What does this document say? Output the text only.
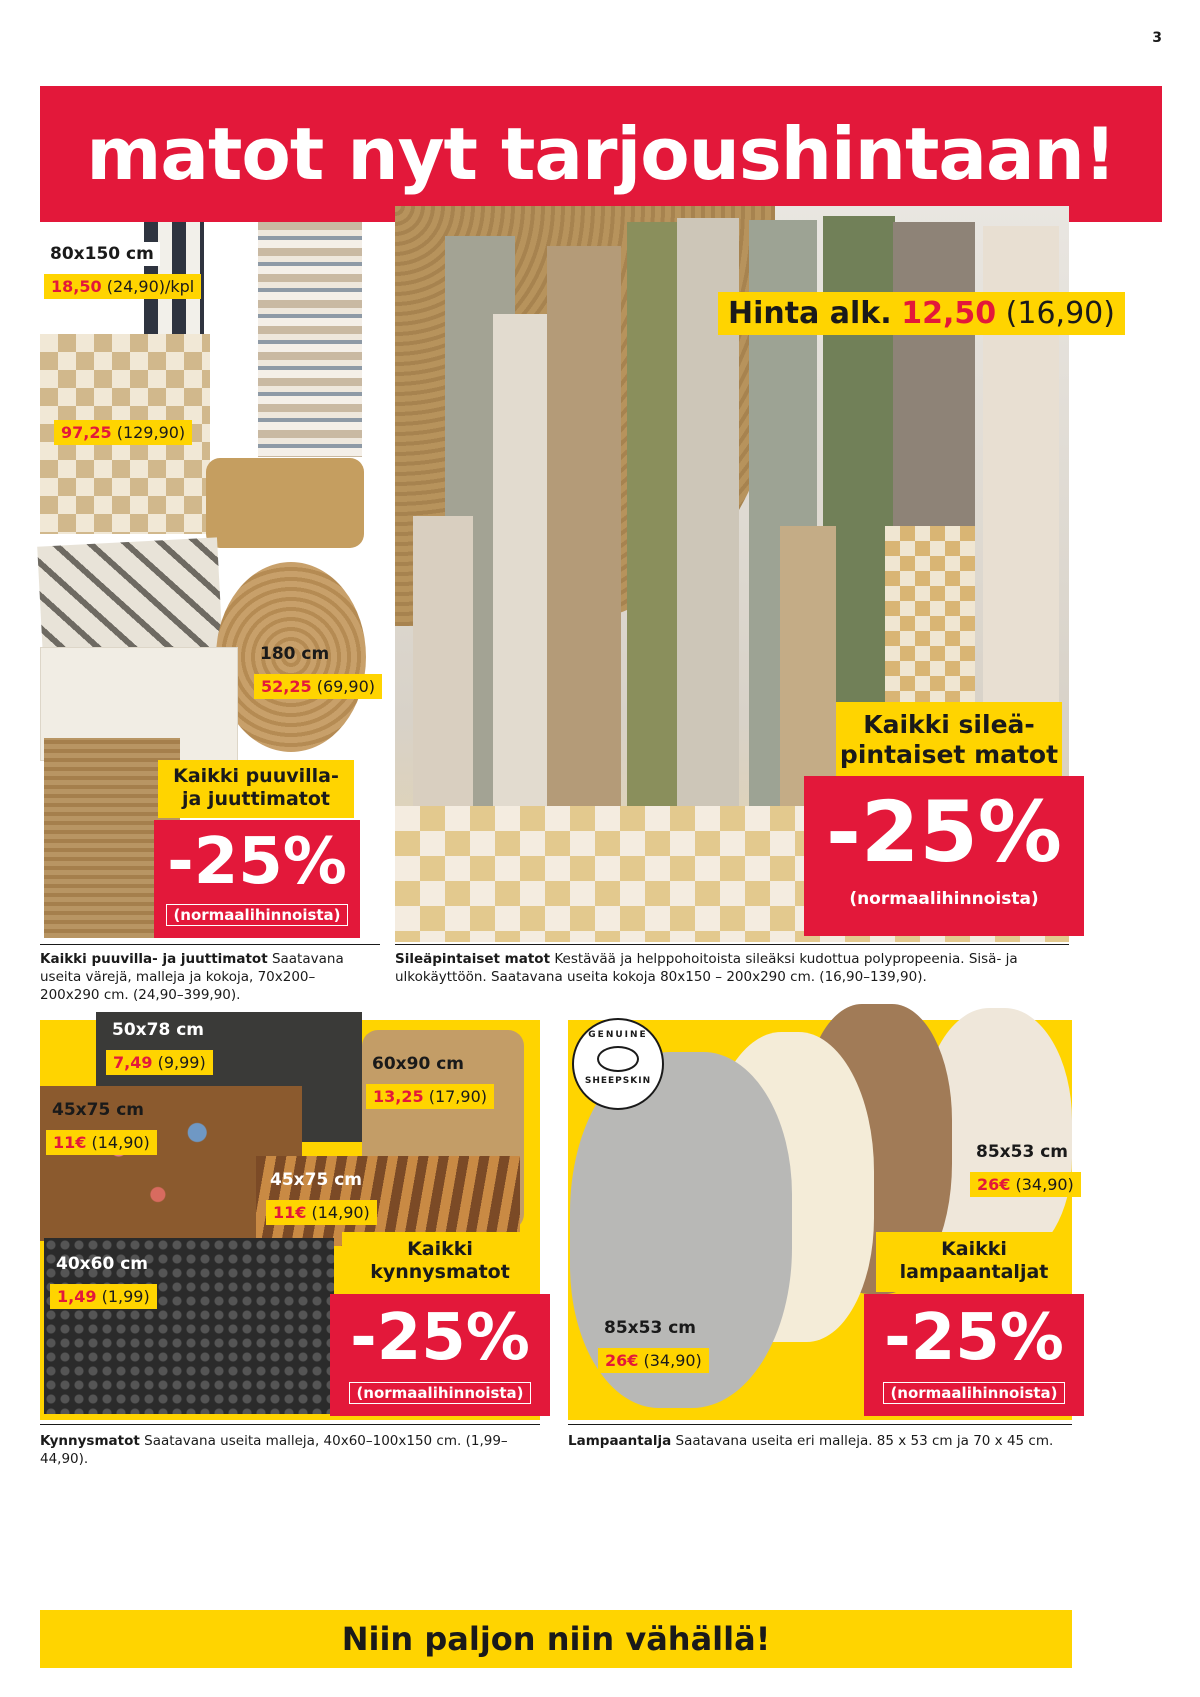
3
matot nyt tarjoushintaan!
80x150 cm
18,50 (24,90)/kpl
97,25 (129,90)
180 cm
52,25 (69,90)
Kaikki puuvilla-
ja juuttimatot
-25%
(normaalihinnoista)
Hinta alk. 12,50 (16,90)
Kaikki sileä-
pintaiset matot
-25%
(normaalihinnoista)
Kaikki puuvilla- ja juuttimatot Saatavana useita värejä, malleja ja kokoja, 70x200–200x290 cm. (24,90–399,90).
Sileäpintaiset matot Kestävää ja helppohoitoista sileäksi kudottua polypropeenia. Sisä- ja ulkokäyttöön. Saatavana useita kokoja 80x150 – 200x290 cm. (16,90–139,90).
50x78 cm
7,49 (9,99)	60x90 cm
13,25 (17,90)
45x75 cm
11€ (14,90)
45x75 cm
11€ (14,90)
40x60 cm
1,49 (1,99)
Kaikki
kynnysmatot
-25%
(normaalihinnoista)
GENUINE
SHEEPSKIN
85x53 cm
26€ (34,90)
85x53 cm
26€ (34,90)
Kaikki
lampaantaljat
-25%
(normaalihinnoista)
Kynnysmatot Saatavana useita malleja, 40x60–100x150 cm. (1,99–44,90).
Lampaantalja Saatavana useita eri malleja. 85 x 53 cm ja 70 x 45 cm.
Niin paljon niin vähällä!
